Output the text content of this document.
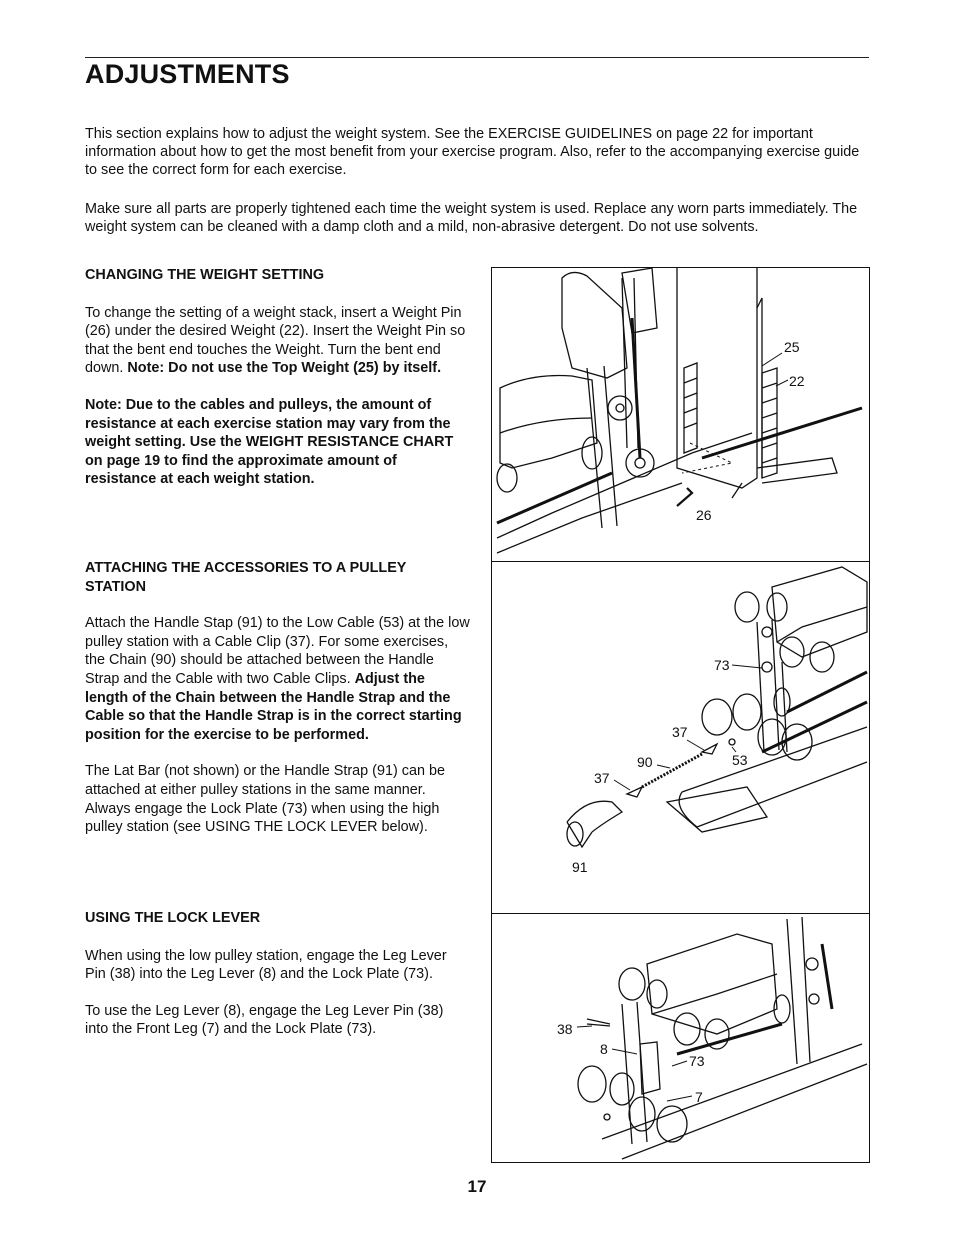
ADJUSTMENTS
This section explains how to adjust the weight system. See the EXERCISE GUIDELINES on page 22 for important information about how to get the most benefit from your exercise program. Also, refer to the accompanying exercise guide to see the correct form for each exercise.
Make sure all parts are properly tightened each time the weight system is used. Replace any worn parts immediately. The weight system can be cleaned with a damp cloth and a mild, non-abrasive detergent. Do not use solvents.
CHANGING THE WEIGHT SETTING

To change the setting of a weight stack, insert a Weight Pin (26) under the desired Weight (22). Insert the Weight Pin so that the bent end touches the Weight. Turn the bent end down. Note: Do not use the Top Weight (25) by itself.

Note: Due to the cables and pulleys, the amount of resistance at each exercise station may vary from the weight setting. Use the WEIGHT RESISTANCE CHART on page 19 to find the approximate amount of resistance at each weight station.

ATTACHING THE ACCESSORIES TO A PULLEY
STATION

Attach the Handle Stap (91) to the Low Cable (53) at the low pulley station with a Cable Clip (37). For some exercises, the Chain (90) should be attached between the Handle Strap and the Cable with two Cable Clips. Adjust the length of the Chain between the Handle Strap and the Cable so that the Handle Strap is in the correct starting position for the exercise to be performed.

The Lat Bar (not shown) or the Handle Strap (91) can be attached at either pulley stations in the same manner. Always engage the Lock Plate (73) when using the high pulley station (see USING THE LOCK LEVER below).

USING THE LOCK LEVER

When using the low pulley station, engage the Leg Lever Pin (38) into the Leg Lever (8) and the Lock Plate (73).

To use the Leg Lever (8), engage the Leg Lever Pin (38) into the Front Leg (7) and the Lock Plate (73).

25
22
26
73
37
90	53
37
91
38
8
73
7
17
